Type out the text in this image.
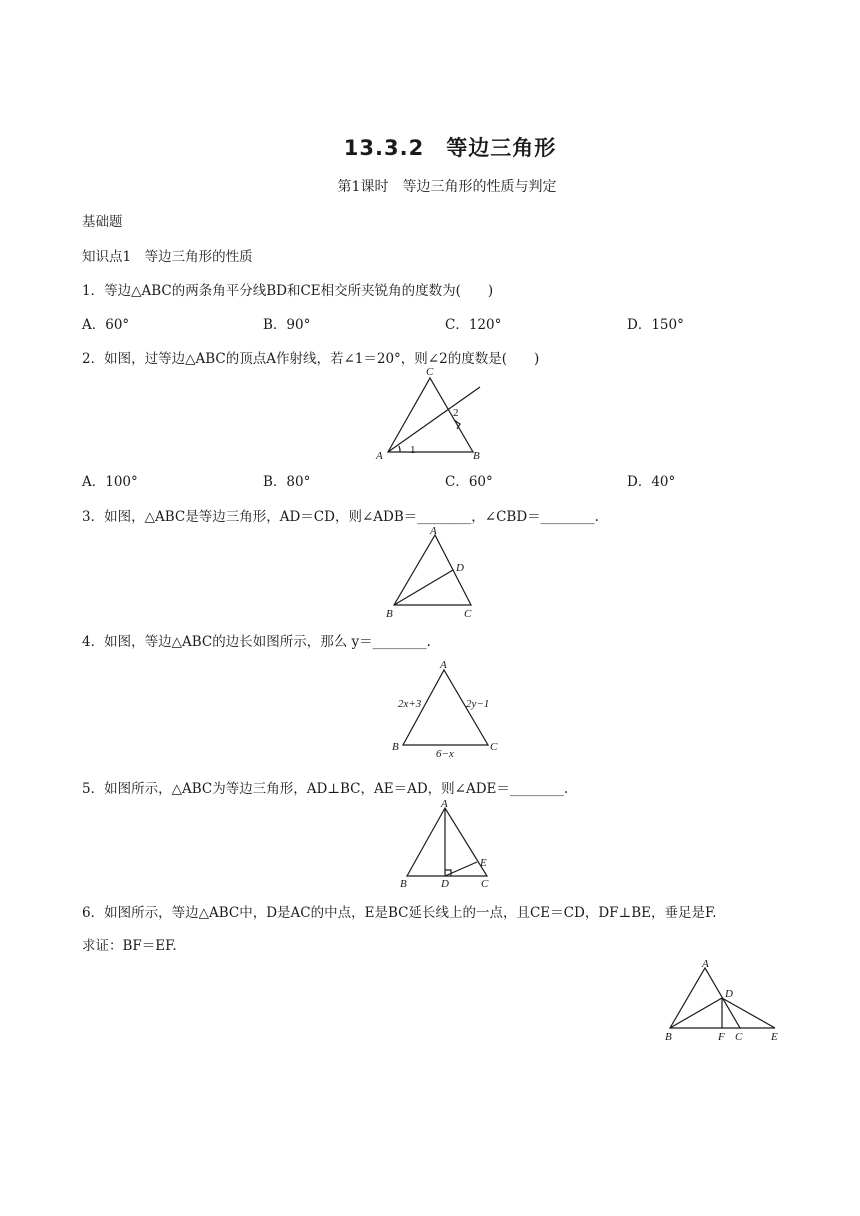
13.3.2　等边三角形
第1课时　等边三角形的性质与判定
基础题
知识点1　等边三角形的性质
1．等边△ABC的两条角平分线BD和CE相交所夹锐角的度数为(　　)
A．60°	B．90°	C．120°	D．150°
2．如图，过等边△ABC的顶点A作射线，若∠1＝20°，则∠2的度数是(　　)
A	B
C
1
2
A．100°	B．80°	C．60°	D．40°
3．如图，△ABC是等边三角形，AD＝CD，则∠ADB＝________，∠CBD＝________.
A
B	C
D
4．如图，等边△ABC的边长如图所示，那么 y＝________.
A
B	C
2x+3	2y−1
6−x
5．如图所示，△ABC为等边三角形，AD⊥BC，AE＝AD，则∠ADE＝________.
A
B	C
D
E
6．如图所示，等边△ABC中，D是AC的中点，E是BC延长线上的一点，且CE＝CD，DF⊥BE，垂足是F.
求证：BF＝EF.
A
B	C
D
E
F
